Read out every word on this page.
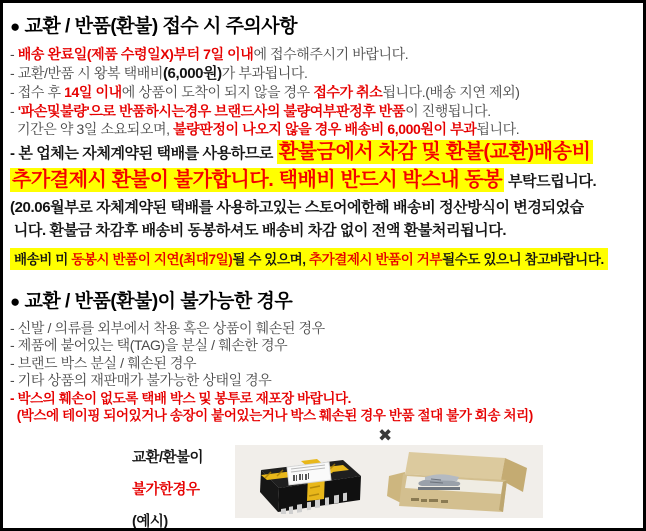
● 교환 / 반품(환불) 접수 시 주의사항
- 배송 완료일(제품 수령일X)부터 7일 이내에 접수해주시기 바랍니다.
- 교환/반품 시 왕복 택배비(6,000원)가 부과됩니다.
- 접수 후 14일 이내에 상품이 도착이 되지 않을 경우 접수가 취소됩니다.(배송 지연 제외)
- '파손및불량'으로 반품하시는경우 브랜드사의 불량여부판정후 반품이 진행됩니다.
기간은 약 3일 소요되오며, 불량판정이 나오지 않을 경우 배송비 6,000원이 부과됩니다.
- 본 업체는 자체계약된 택배를 사용하므로 환불금에서 차감 및 환불(교환)배송비
추가결제시 환불이 불가합니다. 택배비 반드시 박스내 동봉 부탁드립니다.
(20.06월부로 자체계약된 택배를 사용하고있는 스토어에한해 배송비 정산방식이 변경되었습
니다. 환불금 차감후 배송비 동봉하셔도 배송비 차감 없이 전액 환불처리됩니다.
배송비 미 동봉시 반품이 지연(최대7일)될 수 있으며, 추가결제시 반품이 거부될수도 있으니 참고바랍니다.
● 교환 / 반품(환불)이 불가능한 경우
- 신발 / 의류를 외부에서 착용 혹은 상품이 훼손된 경우
- 제품에 붙어있는 택(TAG)을 분실 / 훼손한 경우
- 브랜드 박스 분실 / 훼손된 경우
- 기타 상품의 재판매가 불가능한 상태일 경우
- 박스의 훼손이 없도록 택배 박스 및 봉투로 재포장 바랍니다.
(박스에 테이핑 되어있거나 송장이 붙어있는거나 박스 훼손된 경우 반품 절대 불가 회송 처리)
✖
교환/환불이
불가한경우
(예시)
